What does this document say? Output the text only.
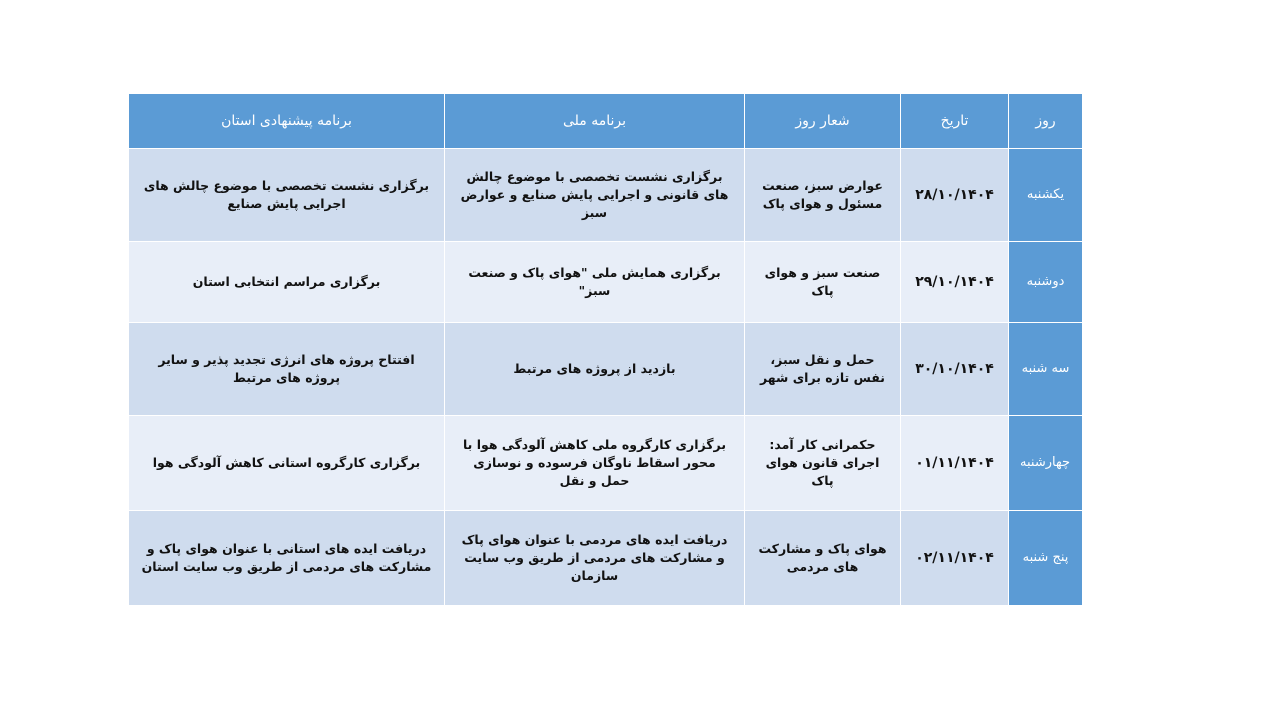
روز	تاریخ	شعار روز	برنامه ملی	برنامه پیشنهادی استان
یکشنبه	۲۸/۱۰/۱۴۰۴	عوارض سبز، صنعت مسئول و هوای پاک	برگزاری نشست تخصصی با موضوع چالش های قانونی و اجرایی پایش صنایع و عوارض سبز	برگزاری نشست تخصصی با موضوع چالش های اجرایی پایش صنایع
دوشنبه	۲۹/۱۰/۱۴۰۴	صنعت سبز و هوای پاک	برگزاری همایش ملی "هوای پاک و صنعت سبز"	برگزاری مراسم انتخابی استان
سه شنبه	۳۰/۱۰/۱۴۰۴	حمل و نقل سبز، نفس تازه برای شهر	بازدید از پروژه های مرتبط	افتتاح پروژه های انرژی تجدید پذیر و سایر پروژه های مرتبط
چهارشنبه	۰۱/۱۱/۱۴۰۴	حکمرانی کار آمد: اجرای قانون هوای پاک	برگزاری کارگروه ملی کاهش آلودگی هوا با محور اسقاط ناوگان فرسوده و نوسازی حمل و نقل	برگزاری کارگروه استانی کاهش آلودگی هوا
پنج شنبه	۰۲/۱۱/۱۴۰۴	هوای پاک و مشارکت های مردمی	دریافت ایده های مردمی با عنوان هوای پاک و مشارکت های مردمی از طریق وب سایت سازمان	دریافت ایده های استانی با عنوان هوای پاک و مشارکت های مردمی از طریق وب سایت استان
